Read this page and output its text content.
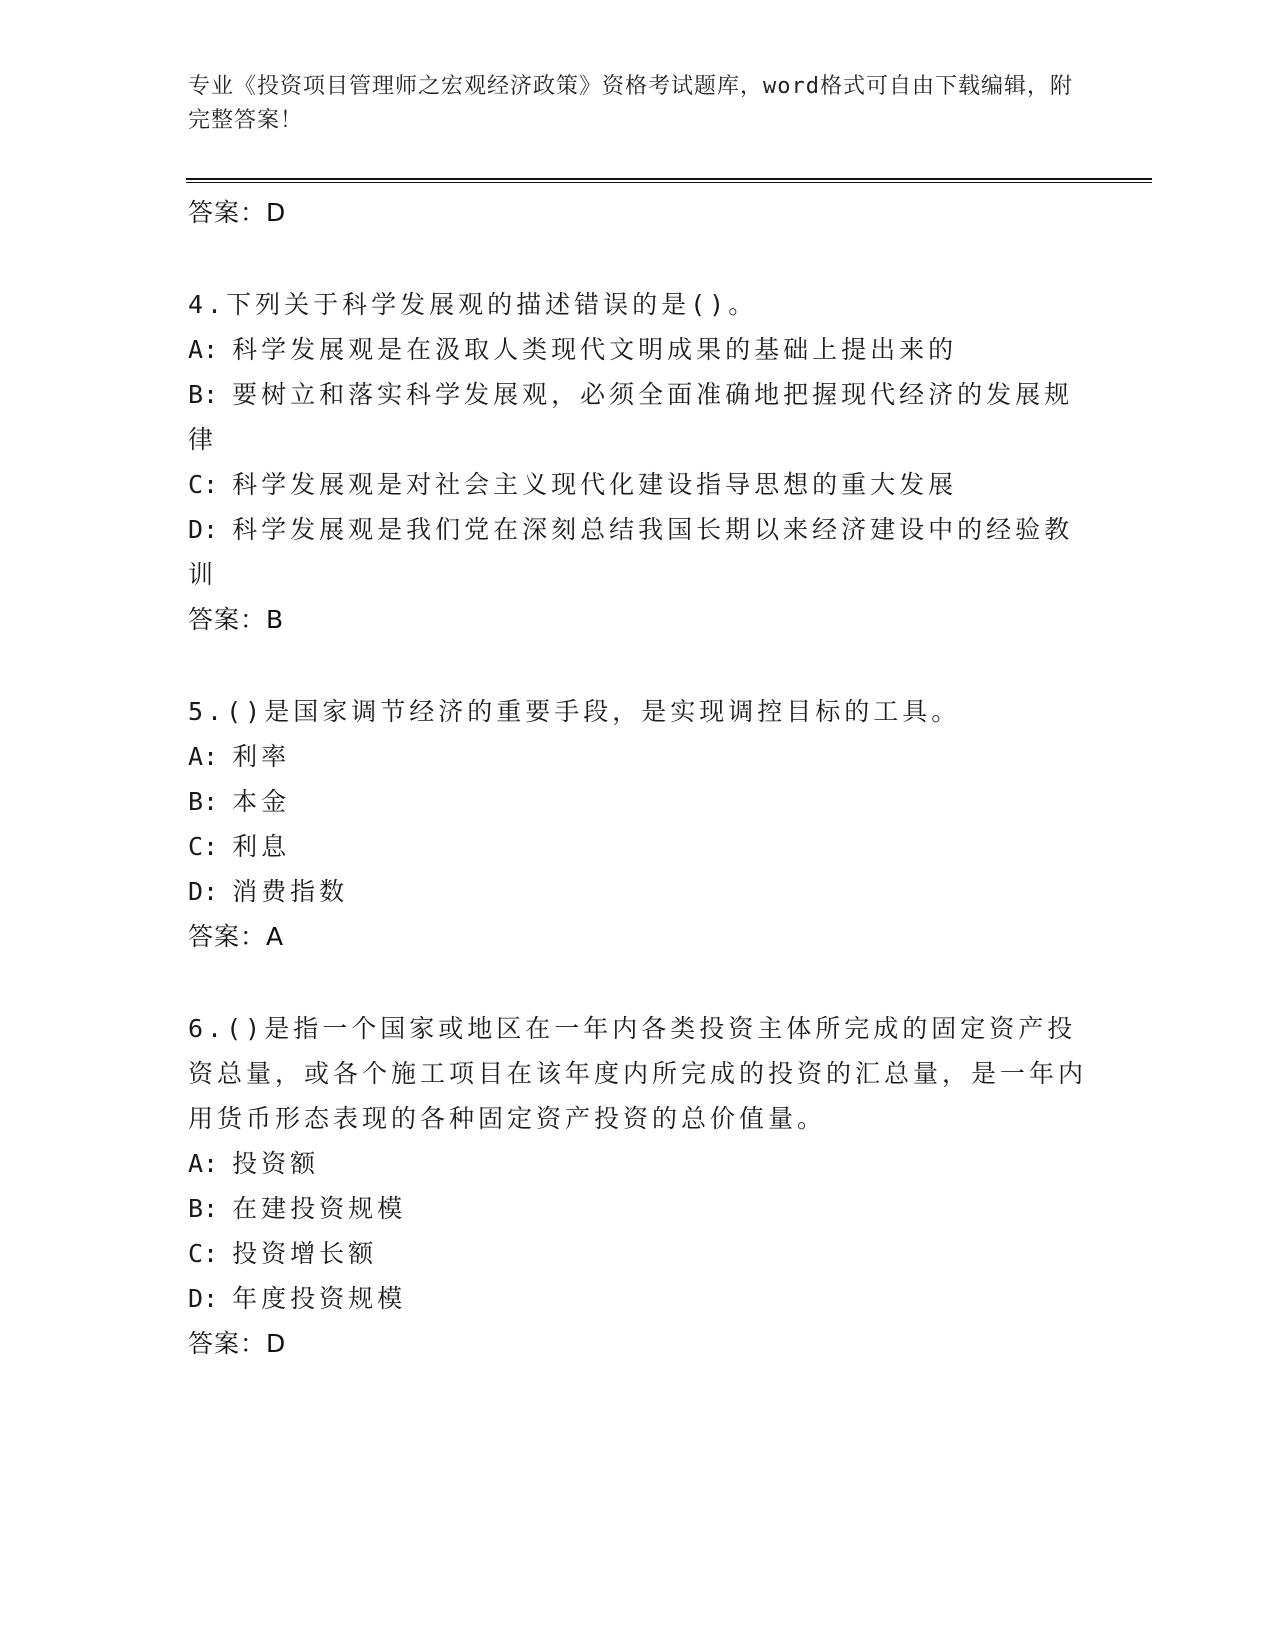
专业《投资项目管理师之宏观经济政策》资格考试题库，word格式可自由下载编辑，附完整答案！

答案：D

4.下列关于科学发展观的描述错误的是()。

A: 科学发展观是在汲取人类现代文明成果的基础上提出来的

B: 要树立和落实科学发展观，必须全面准确地把握现代经济的发展规律

C: 科学发展观是对社会主义现代化建设指导思想的重大发展

D: 科学发展观是我们党在深刻总结我国长期以来经济建设中的经验教训

答案：B

5.()是国家调节经济的重要手段，是实现调控目标的工具。

A: 利率

B: 本金

C: 利息

D: 消费指数

答案：A

6.()是指一个国家或地区在一年内各类投资主体所完成的固定资产投资总量，或各个施工项目在该年度内所完成的投资的汇总量，是一年内用货币形态表现的各种固定资产投资的总价值量。

A: 投资额

B: 在建投资规模

C: 投资增长额

D: 年度投资规模

答案：D
